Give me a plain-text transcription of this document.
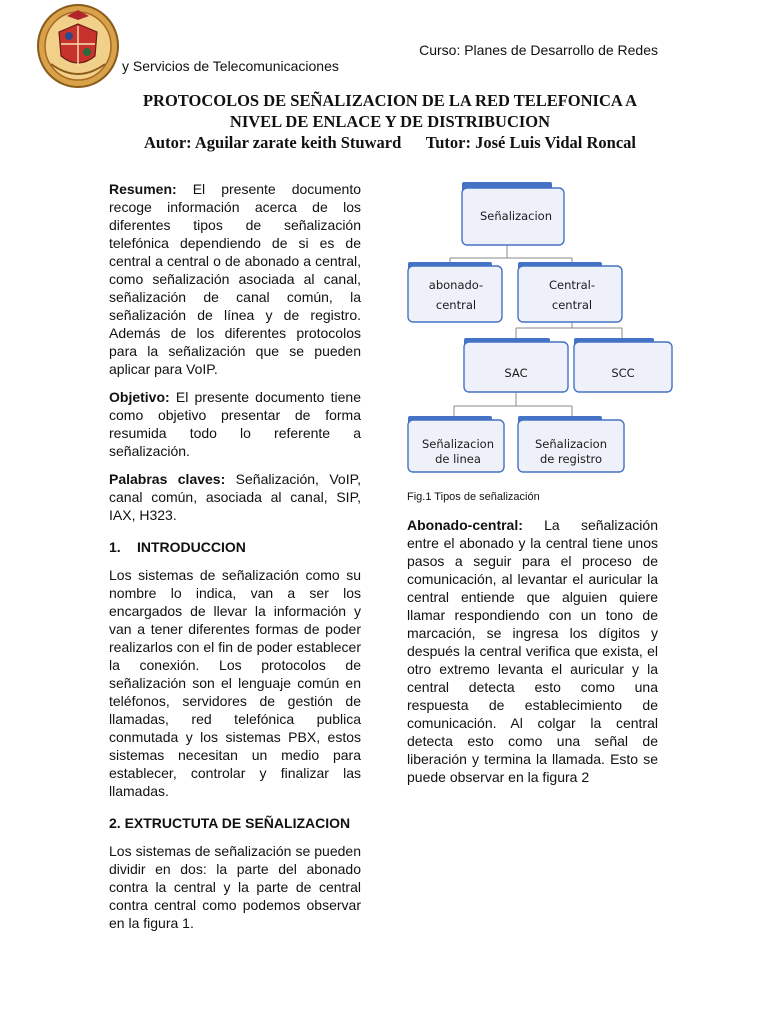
Curso: Planes de Desarrollo de Redes
y Servicios de Telecomunicaciones
PROTOCOLOS DE SEÑALIZACION DE LA RED TELEFONICA A
NIVEL DE ENLACE Y DE DISTRIBUCION
Autor: Aguilar zarate keith Stuward      Tutor: José Luis Vidal Roncal

Resumen: El presente documento recoge información acerca de los diferentes tipos de señalización telefónica dependiendo de si es de central a central o de abonado a central, como señalización asociada al canal, señalización de canal común, la señalización de línea y de registro. Además de los diferentes protocolos para la señalización que se pueden aplicar para VoIP.

Objetivo: El presente documento tiene como objetivo presentar de forma resumida todo lo referente a señalización.

Palabras claves: Señalización, VoIP, canal común, asociada al canal, SIP, IAX, H323.

1. INTRODUCCION

Los sistemas de señalización como su nombre lo indica, van a ser los encargados de llevar la información y van a tener diferentes formas de poder realizarlos con el fin de poder establecer la conexión. Los protocolos de señalización son el lenguaje común en teléfonos, servidores de gestión de llamadas, red telefónica publica conmutada y los sistemas PBX, estos sistemas necesitan un medio para establecer, controlar y finalizar las llamadas.

2. EXTRUCTUTA DE SEÑALIZACION

Los sistemas de señalización se pueden dividir en dos: la parte del abonado contra la central y la parte de central contra central como podemos observar en la figura 1.

Señalizacion
abonado-
central
Central-
central
SAC	SCC
Señalizacion
de linea
Señalizacion
de registro
Fig.1 Tipos de señalización

Abonado-central: La señalización entre el abonado y la central tiene unos pasos a seguir para el proceso de comunicación, al levantar el auricular la central entiende que alguien quiere llamar respondiendo con un tono de marcación, se ingresa los dígitos y después la central verifica que exista, el otro extremo levanta el auricular y la central detecta esto como una respuesta de establecimiento de comunicación. Al colgar la central detecta esto como una señal de liberación y termina la llamada. Esto se puede observar en la figura 2
